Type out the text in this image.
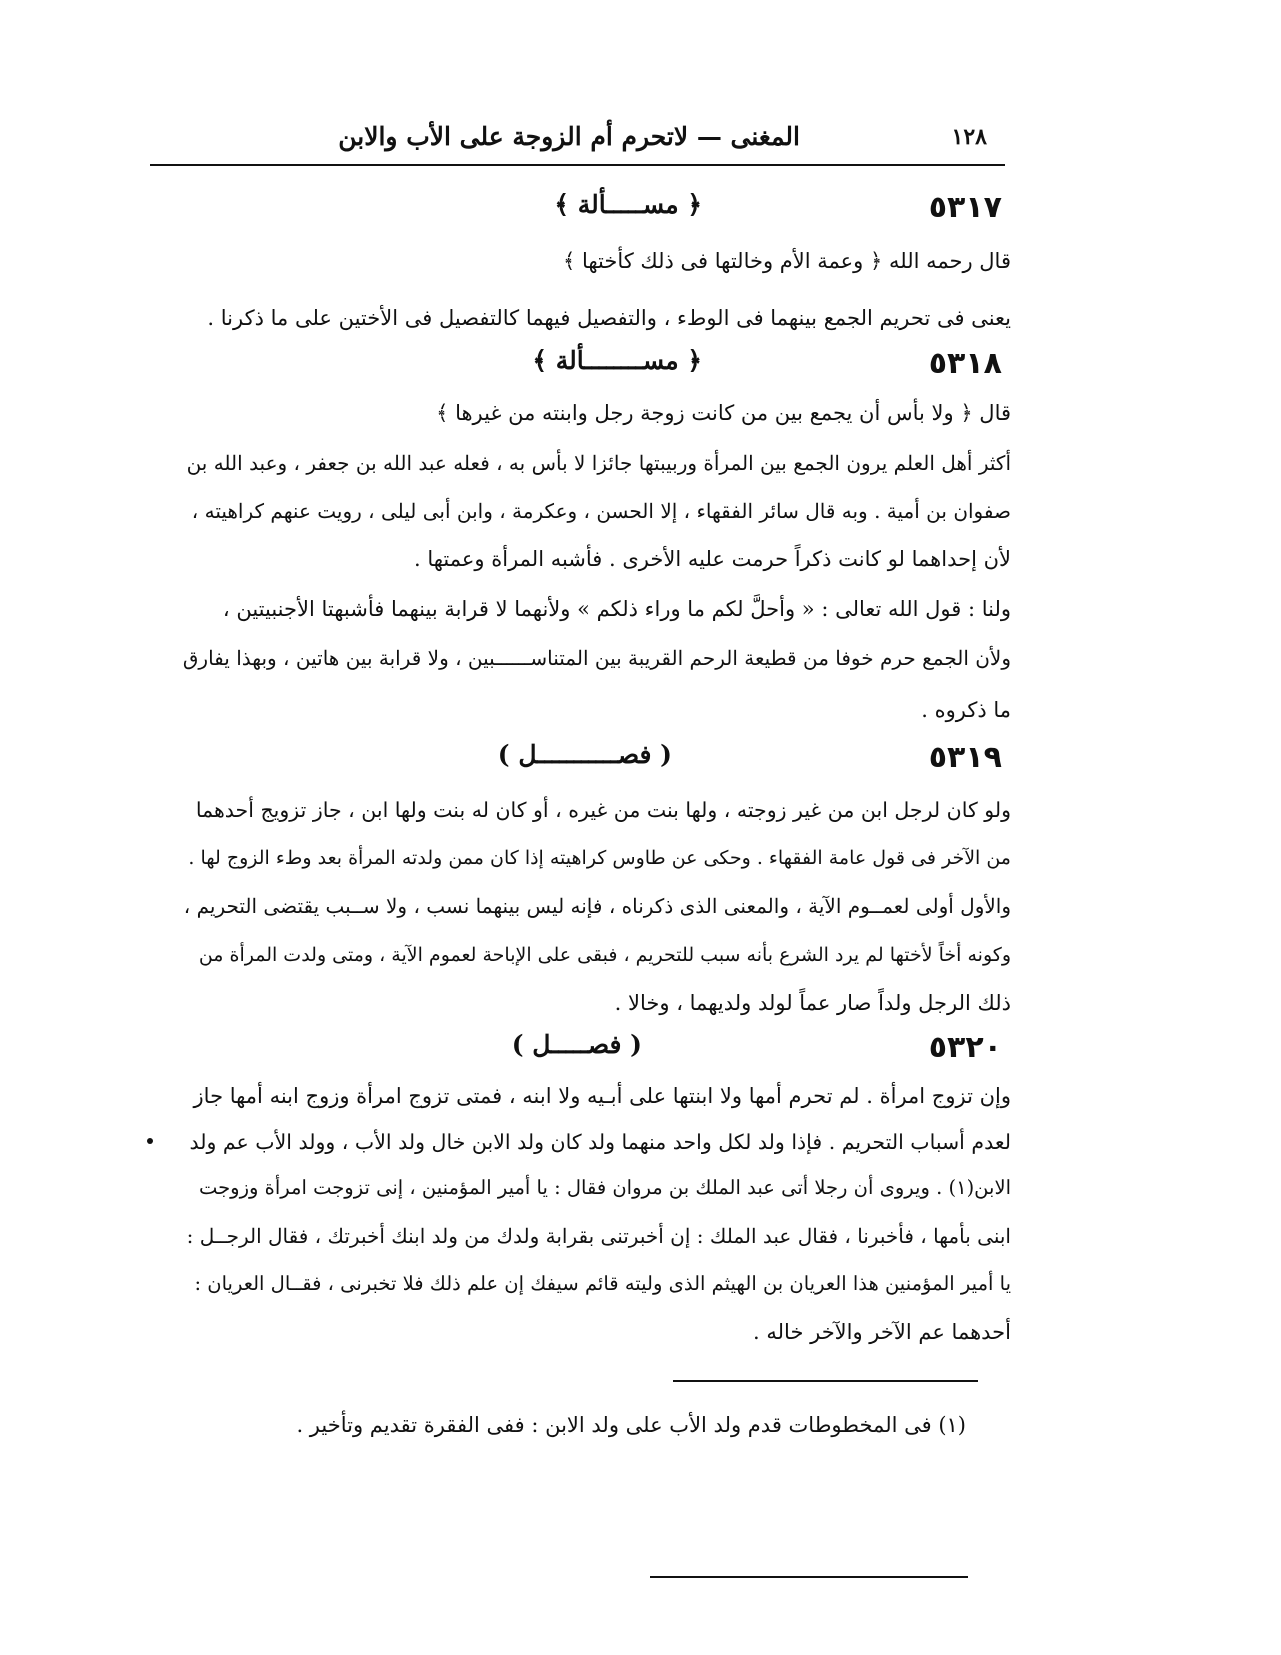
١٢٨
المغنى — لاتحرم أم الزوجة على الأب والابن
٥٣١٧
﴿ مســـــألة ﴾
قال رحمه الله ﴿ وعمة الأم وخالتها فى ذلك كأختها ﴾
يعنى فى تحريم الجمع بينهما فى الوطء ، والتفصيل فيهما كالتفصيل فى الأختين على ما ذكرنا .
٥٣١٨
﴿ مســــــــألة ﴾
قال ﴿ ولا بأس أن يجمع بين من كانت زوجة رجل وابنته من غيرها ﴾
أكثر أهل العلم يرون الجمع بين المرأة وربيبتها جائزا لا بأس به ، فعله عبد الله بن جعفر ، وعبد الله بن
صفوان بن أمية . وبه قال سائر الفقهاء ، إلا الحسن ، وعكرمة ، وابن أبى ليلى ، رويت عنهم كراهيته ،
لأن إحداهما لو كانت ذكراً حرمت عليه الأخرى . فأشبه المرأة وعمتها .
ولنا : قول الله تعالى : « وأحلَّ لكم ما وراء ذلكم » ولأنهما لا قرابة بينهما فأشبهتا الأجنبيتين ،
ولأن الجمع حرم خوفا من قطيعة الرحم القريبة بين المتناســــــبين ، ولا قرابة بين هاتين ، وبهذا يفارق
ما ذكروه .
٥٣١٩
( فصـــــــــــل )
ولو كان لرجل ابن من غير زوجته ، ولها بنت من غيره ، أو كان له بنت ولها ابن ، جاز تزويج أحدهما
من الآخر فى قول عامة الفقهاء . وحكى عن طاوس كراهيته إذا كان ممن ولدته المرأة بعد وطء الزوج لها .
والأول أولى لعمــوم الآية ، والمعنى الذى ذكرناه ، فإنه ليس بينهما نسب ، ولا ســبب يقتضى التحريم ،
وكونه أخاً لأختها لم يرد الشرع بأنه سبب للتحريم ، فبقى على الإباحة لعموم الآية ، ومتى ولدت المرأة من
ذلك الرجل ولداً صار عماً لولد ولديهما ، وخالا .
٥٣٢٠
( فصـــــل )
وإن تزوج امرأة . لم تحرم أمها ولا ابنتها على أبـيه ولا ابنه ، فمتى تزوج امرأة وزوج ابنه أمها جاز
لعدم أسباب التحريم . فإذا ولد لكل واحد منهما ولد كان ولد الابن خال ولد الأب ، وولد الأب عم ولد
الابن(١) . ويروى أن رجلا أتى عبد الملك بن مروان فقال : يا أمير المؤمنين ، إنى تزوجت امرأة وزوجت
ابنى بأمها ، فأخبرنا ، فقال عبد الملك : إن أخبرتنى بقرابة ولدك من ولد ابنك أخبرتك ، فقال الرجــل :
يا أمير المؤمنين هذا العريان بن الهيثم الذى وليته قائم سيفك إن علم ذلك فلا تخبرنى ، فقــال العريان :
أحدهما عم الآخر والآخر خاله .
(١) فى المخطوطات قدم ولد الأب على ولد الابن : ففى الفقرة تقديم وتأخير .
